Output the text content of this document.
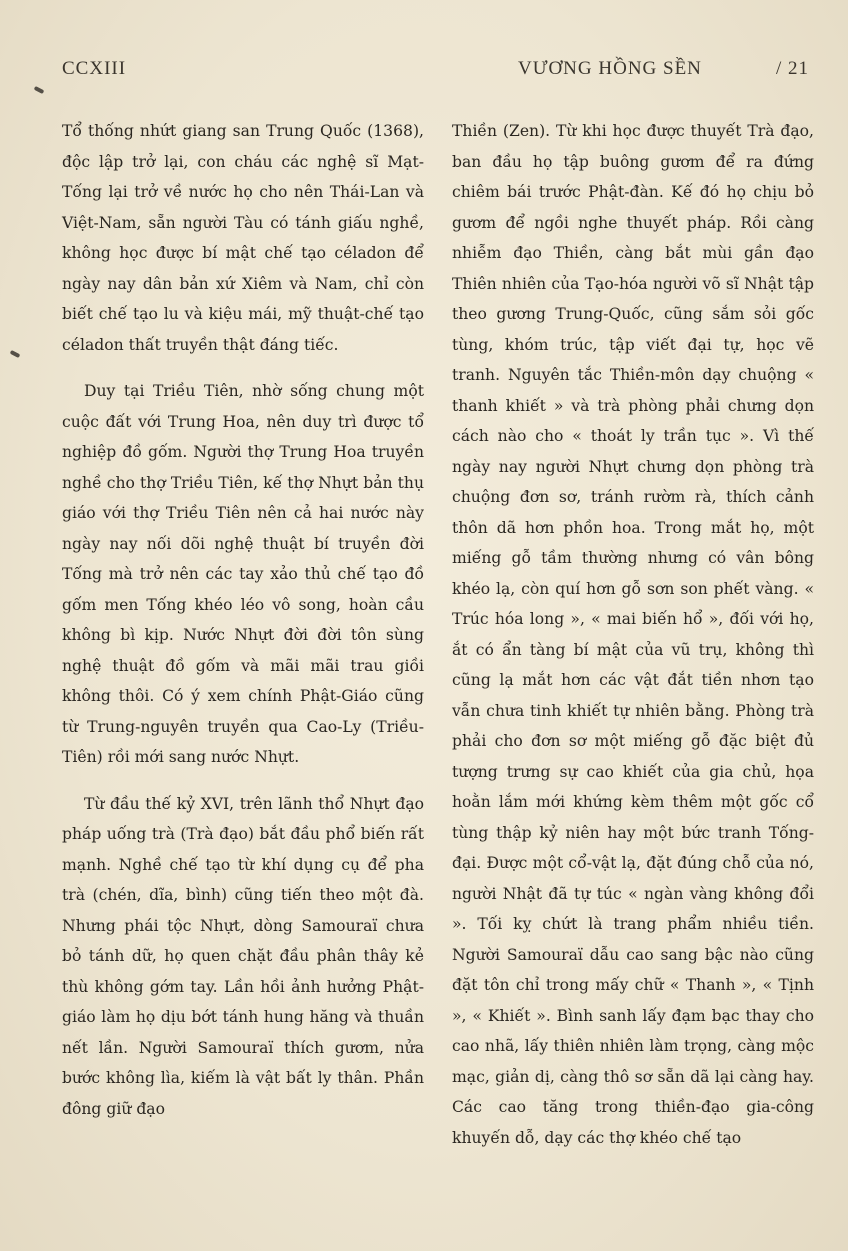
CCXIII	VƯƠNG HỒNG SỀN	/ 21

Tổ thống nhứt giang san Trung Quốc (1368), độc lập trở lại, con cháu các nghệ sĩ Mạt-Tống lại trở về nước họ cho nên Thái-Lan và Việt-Nam, sẵn người Tàu có tánh giấu nghề, không học được bí mật chế tạo céladon để ngày nay dân bản xứ Xiêm và Nam, chỉ còn biết chế tạo lu và kiệu mái, mỹ thuật-chế tạo céladon thất truyền thật đáng tiếc.

Duy tại Triều Tiên, nhờ sống chung một cuộc đất với Trung Hoa, nên duy trì được tổ nghiệp đồ gốm. Người thợ Trung Hoa truyền nghề cho thợ Triều Tiên, kế thợ Nhựt bản thụ giáo với thợ Triều Tiên nên cả hai nước này ngày nay nối dõi nghệ thuật bí truyền đời Tống mà trở nên các tay xảo thủ chế tạo đồ gốm men Tống khéo léo vô song, hoàn cầu không bì kịp. Nước Nhựt đời đời tôn sùng nghệ thuật đồ gốm và mãi mãi trau giồi không thôi. Có ý xem chính Phật-Giáo cũng từ Trung-nguyên truyền qua Cao-Ly (Triều-Tiên) rồi mới sang nước Nhựt.

Từ đầu thế kỷ XVI, trên lãnh thổ Nhựt đạo pháp uống trà (Trà đạo) bắt đầu phổ biến rất mạnh. Nghề chế tạo từ khí dụng cụ để pha trà (chén, dĩa, bình) cũng tiến theo một đà. Nhưng phái tộc Nhựt, dòng Samouraï chưa bỏ tánh dữ, họ quen chặt đầu phân thây kẻ thù không gớm tay. Lần hồi ảnh hưởng Phật-giáo làm họ dịu bớt tánh hung hăng và thuần nết lần. Người Samouraï thích gươm, nửa bước không lìa, kiếm là vật bất ly thân. Phần đông giữ đạo

Thiền (Zen). Từ khi học được thuyết Trà đạo, ban đầu họ tập buông gươm để ra đứng chiêm bái trước Phật-đàn. Kế đó họ chịu bỏ gươm để ngồi nghe thuyết pháp. Rồi càng nhiễm đạo Thiền, càng bắt mùi gần đạo Thiên nhiên của Tạo-hóa người võ sĩ Nhật tập theo gương Trung-Quốc, cũng sắm sỏi gốc tùng, khóm trúc, tập viết đại tự, học vẽ tranh. Nguyên tắc Thiền-môn dạy chuộng « thanh khiết » và trà phòng phải chưng dọn cách nào cho « thoát ly trần tục ». Vì thế ngày nay người Nhựt chưng dọn phòng trà chuộng đơn sơ, tránh rườm rà, thích cảnh thôn dã hơn phồn hoa. Trong mắt họ, một miếng gỗ tầm thường nhưng có vân bông khéo lạ, còn quí hơn gỗ sơn son phết vàng. « Trúc hóa long », « mai biến hổ », đối với họ, ắt có ẩn tàng bí mật của vũ trụ, không thì cũng lạ mắt hơn các vật đắt tiền nhơn tạo vẫn chưa tinh khiết tự nhiên bằng. Phòng trà phải cho đơn sơ một miếng gỗ đặc biệt đủ tượng trưng sự cao khiết của gia chủ, họa hoằn lắm mới khứng kèm thêm một gốc cổ tùng thập kỷ niên hay một bức tranh Tống-đại. Được một cổ-vật lạ, đặt đúng chỗ của nó, người Nhật đã tự túc « ngàn vàng không đổi ». Tối kỵ chứt là trang phẩm nhiều tiền. Người Samouraï dẫu cao sang bậc nào cũng đặt tôn chỉ trong mấy chữ « Thanh », « Tịnh », « Khiết ». Bình sanh lấy đạm bạc thay cho cao nhã, lấy thiên nhiên làm trọng, càng mộc mạc, giản dị, càng thô sơ sẵn dã lại càng hay. Các cao tăng trong thiền-đạo gia-công khuyến dỗ, dạy các thợ khéo chế tạo
